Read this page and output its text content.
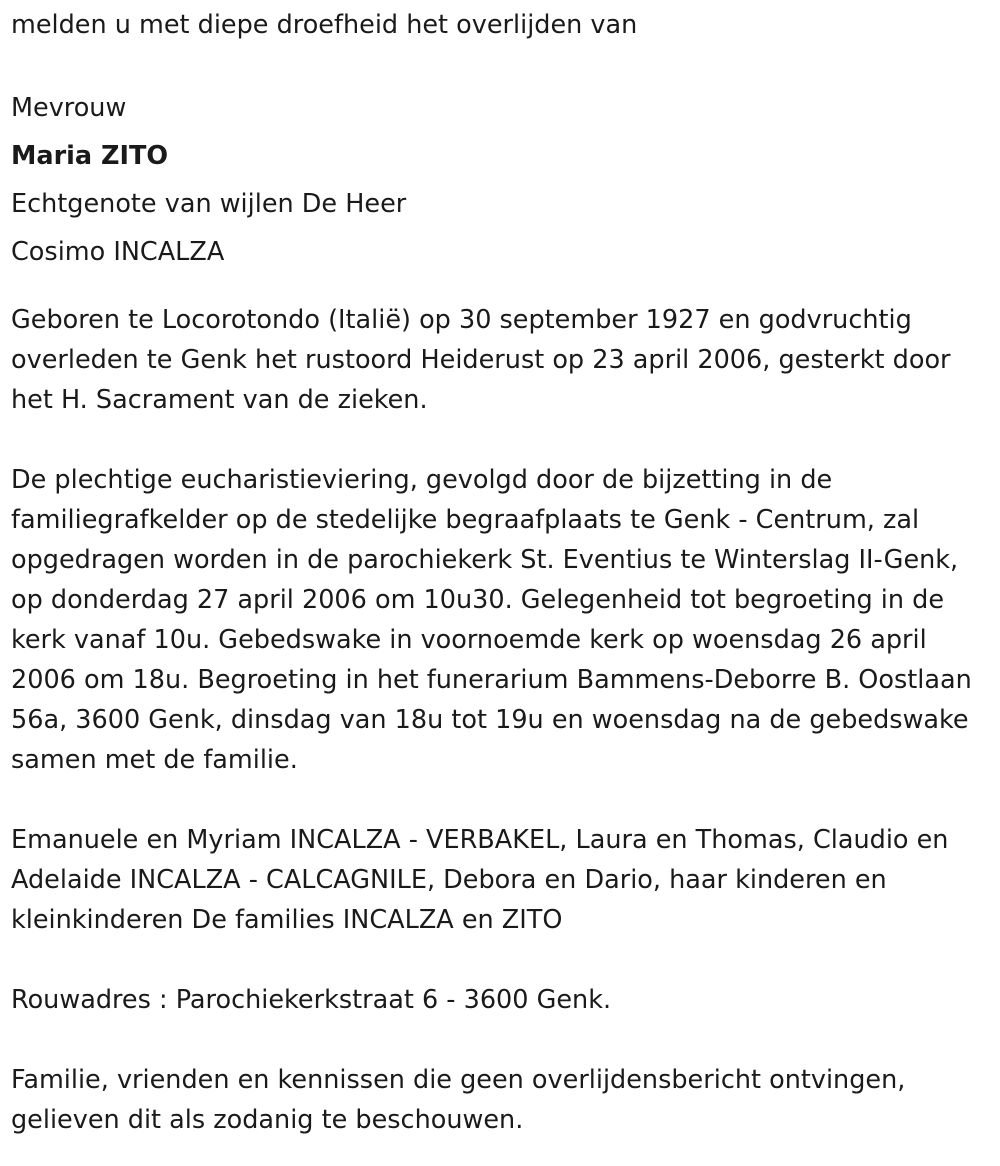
melden u met diepe droefheid het overlijden van

Mevrouw

Maria ZITO

Echtgenote van wijlen De Heer

Cosimo INCALZA

Geboren te Locorotondo (Italië) op 30 september 1927 en godvruchtig overleden te Genk het rustoord Heiderust op 23 april 2006, gesterkt door het H. Sacrament van de zieken.

De plechtige eucharistieviering, gevolgd door de bijzetting in de familiegrafkelder op de stedelijke begraafplaats te Genk - Centrum, zal opgedragen worden in de parochiekerk St. Eventius te Winterslag II-Genk, op donderdag 27 april 2006 om 10u30. Gelegenheid tot begroeting in de kerk vanaf 10u. Gebedswake in voornoemde kerk op woensdag 26 april 2006 om 18u. Begroeting in het funerarium Bammens-Deborre B. Oostlaan 56a, 3600 Genk, dinsdag van 18u tot 19u en woensdag na de gebedswake samen met de familie.

Emanuele en Myriam INCALZA - VERBAKEL, Laura en Thomas, Claudio en Adelaide INCALZA - CALCAGNILE, Debora en Dario, haar kinderen en kleinkinderen De families INCALZA en ZITO

Rouwadres : Parochiekerkstraat 6 - 3600 Genk.

Familie, vrienden en kennissen die geen overlijdensbericht ontvingen, gelieven dit als zodanig te beschouwen.
